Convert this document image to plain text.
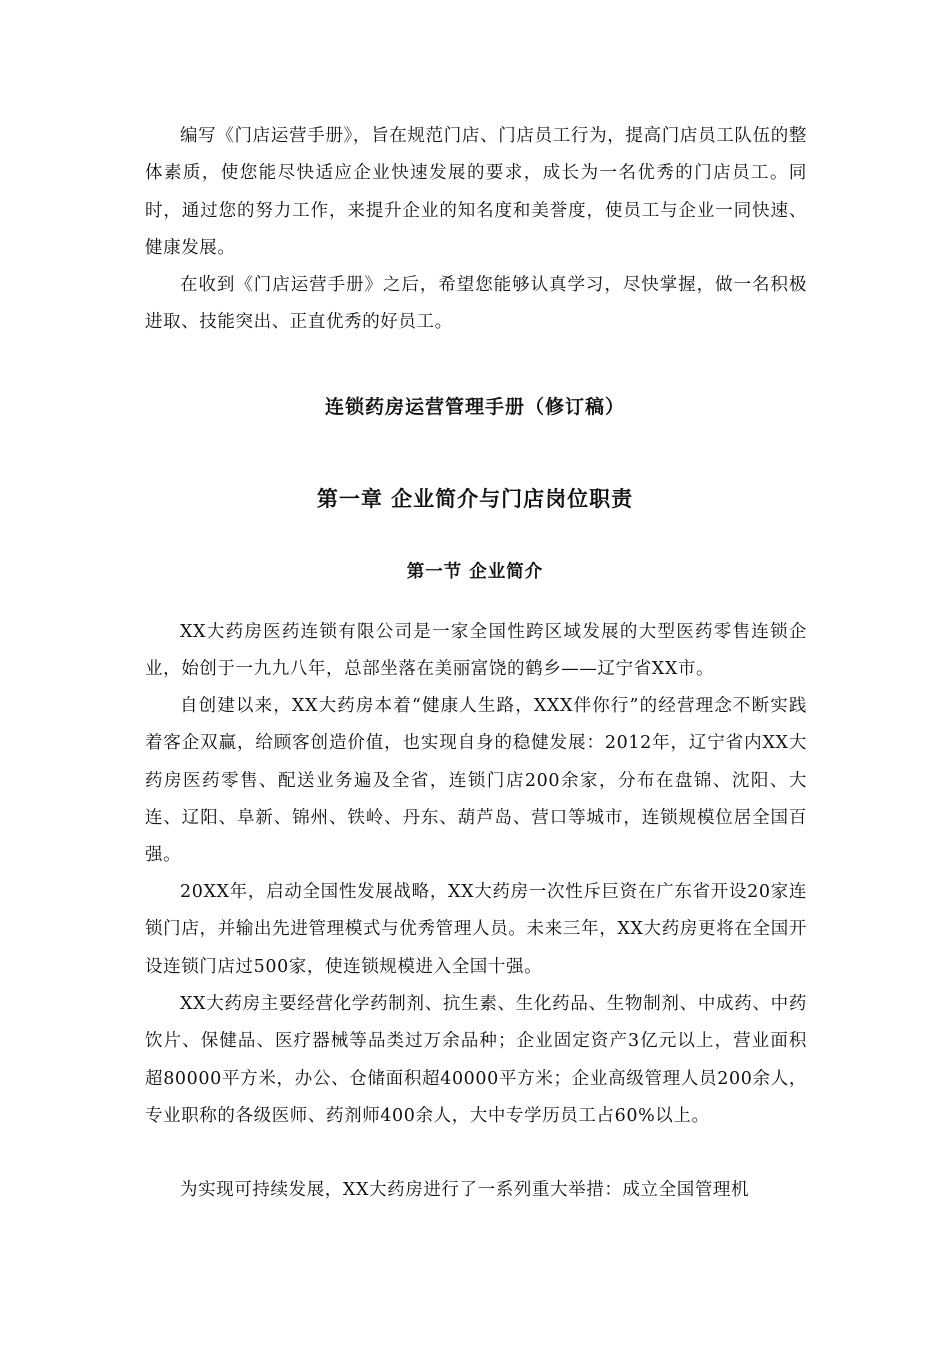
编写《门店运营手册》，旨在规范门店、门店员工行为，提高门店员工队伍的整体素质，使您能尽快适应企业快速发展的要求，成长为一名优秀的门店员工。同时，通过您的努力工作，来提升企业的知名度和美誉度，使员工与企业一同快速、健康发展。

在收到《门店运营手册》之后，希望您能够认真学习，尽快掌握，做一名积极进取、技能突出、正直优秀的好员工。

连锁药房运营管理手册（修订稿）
第一章 企业简介与门店岗位职责
第一节 企业简介

XX大药房医药连锁有限公司是一家全国性跨区域发展的大型医药零售连锁企业，始创于一九九八年，总部坐落在美丽富饶的鹤乡——辽宁省XX市。

自创建以来，XX大药房本着“健康人生路，XXX伴你行”的经营理念不断实践着客企双赢，给顾客创造价值，也实现自身的稳健发展：2012年，辽宁省内XX大药房医药零售、配送业务遍及全省，连锁门店200余家，分布在盘锦、沈阳、大连、辽阳、阜新、锦州、铁岭、丹东、葫芦岛、营口等城市，连锁规模位居全国百强。

20XX年，启动全国性发展战略，XX大药房一次性斥巨资在广东省开设20家连锁门店，并输出先进管理模式与优秀管理人员。未来三年，XX大药房更将在全国开设连锁门店过500家，使连锁规模进入全国十强。

XX大药房主要经营化学药制剂、抗生素、生化药品、生物制剂、中成药、中药饮片、保健品、医疗器械等品类过万余品种；企业固定资产3亿元以上，营业面积超80000平方米，办公、仓储面积超40000平方米；企业高级管理人员200余人，专业职称的各级医师、药剂师400余人，大中专学历员工占60%以上。

为实现可持续发展，XX大药房进行了一系列重大举措：成立全国管理机
